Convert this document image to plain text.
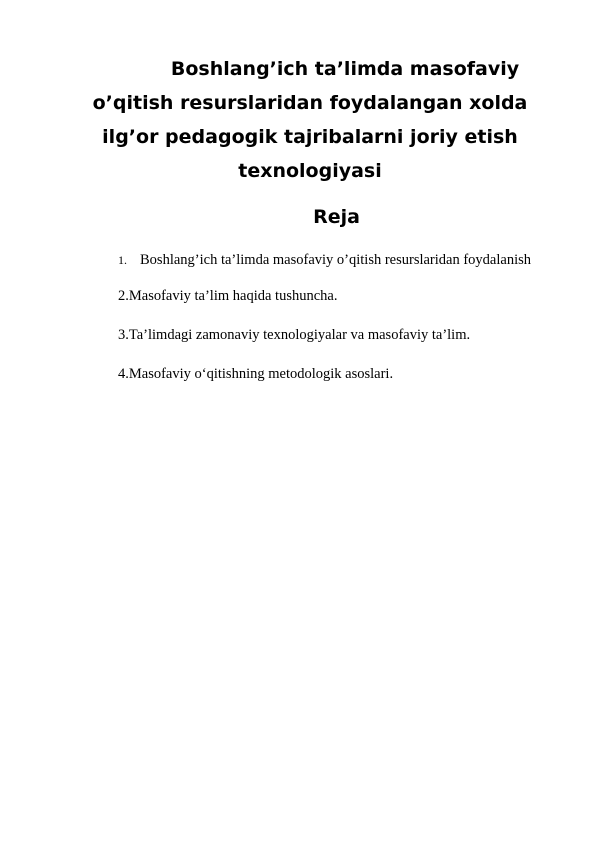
Boshlang’ich ta’limda masofaviy
o’qitish resurslaridan foydalangan xolda
ilg’or pedagogik tajribalarni joriy etish
texnologiyasi
Reja

1. Boshlang’ich ta’limda masofaviy o’qitish resurslaridan foydalanish

2.Masofaviy ta’lim haqida tushuncha.

3.Ta’limdagi zamonaviy texnologiyalar va masofaviy ta’lim.

4.Masofaviy o‘qitishning metodologik asoslari.
